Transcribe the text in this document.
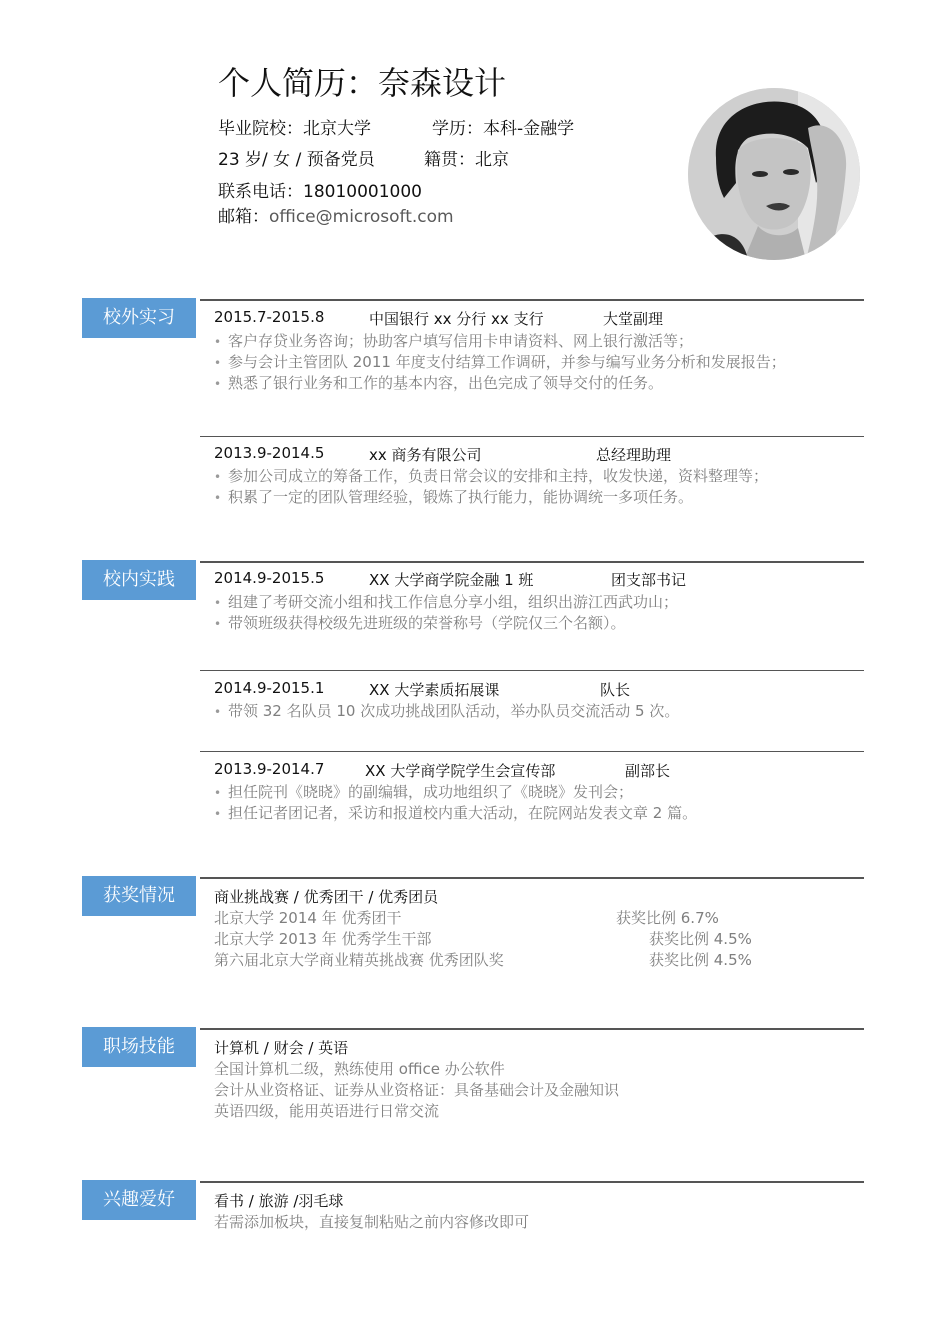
个人简历：奈森设计
毕业院校：北京大学	学历：本科-金融学
23 岁/ 女 / 预备党员	籍贯：北京
联系电话：18010001000
邮箱：office@microsoft.com
校外实习	2015.7-2015.8	中国银行 xx 分行 xx 支行	大堂副理
• 客户存贷业务咨询；协助客户填写信用卡申请资料、网上银行激活等；
• 参与会计主管团队 2011 年度支付结算工作调研，并参与编写业务分析和发展报告；
• 熟悉了银行业务和工作的基本内容，出色完成了领导交付的任务。
2013.9-2014.5	xx 商务有限公司	总经理助理
• 参加公司成立的筹备工作，负责日常会议的安排和主持，收发快递，资料整理等；
• 积累了一定的团队管理经验，锻炼了执行能力，能协调统一多项任务。
校内实践	2014.9-2015.5	XX 大学商学院金融 1 班	团支部书记
• 组建了考研交流小组和找工作信息分享小组，组织出游江西武功山；
• 带领班级获得校级先进班级的荣誉称号（学院仅三个名额）。
2014.9-2015.1	XX 大学素质拓展课	队长
• 带领 32 名队员 10 次成功挑战团队活动，举办队员交流活动 5 次。
2013.9-2014.7	XX 大学商学院学生会宣传部	副部长
• 担任院刊《晓晓》的副编辑，成功地组织了《晓晓》发刊会；
• 担任记者团记者，采访和报道校内重大活动，在院网站发表文章 2 篇。
获奖情况	商业挑战赛 / 优秀团干 / 优秀团员
北京大学 2014 年 优秀团干	获奖比例 6.7%
北京大学 2013 年 优秀学生干部	获奖比例 4.5%
第六届北京大学商业精英挑战赛 优秀团队奖	获奖比例 4.5%
职场技能	计算机 / 财会 / 英语
全国计算机二级，熟练使用 office 办公软件
会计从业资格证、证券从业资格证：具备基础会计及金融知识
英语四级，能用英语进行日常交流
兴趣爱好	看书 / 旅游 /羽毛球
若需添加板块，直接复制粘贴之前内容修改即可
